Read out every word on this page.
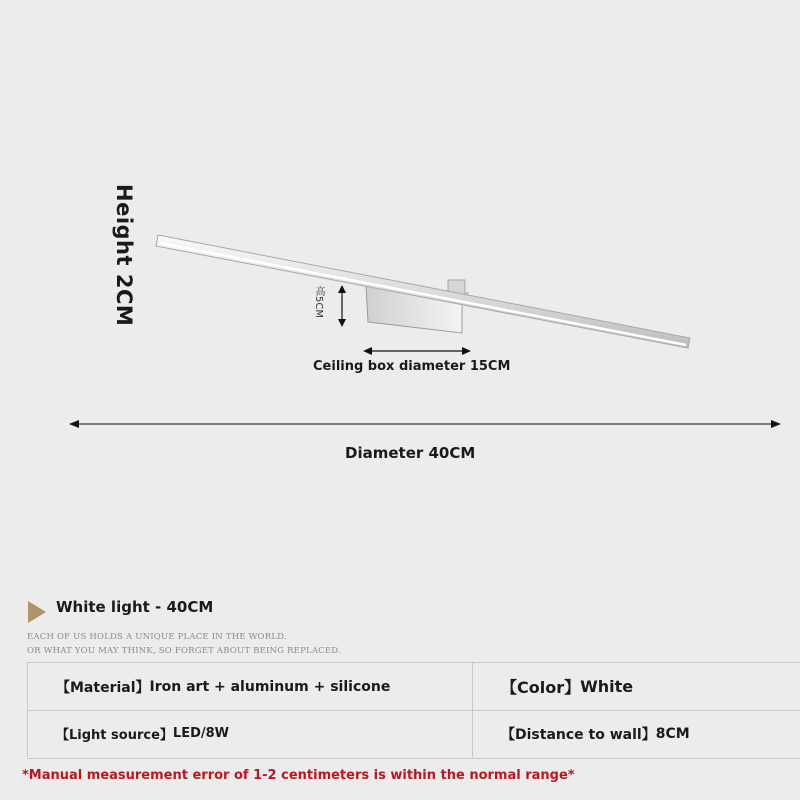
Height 2CM	高5CM
Ceiling box diameter 15CM
Diameter 40CM
White light - 40CM
EACH OF US HOLDS A UNIQUE PLACE IN THE WORLD.
OR WHAT YOU MAY THINK, SO FORGET ABOUT BEING REPLACED.
【Material】 Iron art + aluminum + silicone	【Color】 White
【Light source】 LED/8W	【Distance to wall】 8CM
*Manual measurement error of 1-2 centimeters is within the normal range*
